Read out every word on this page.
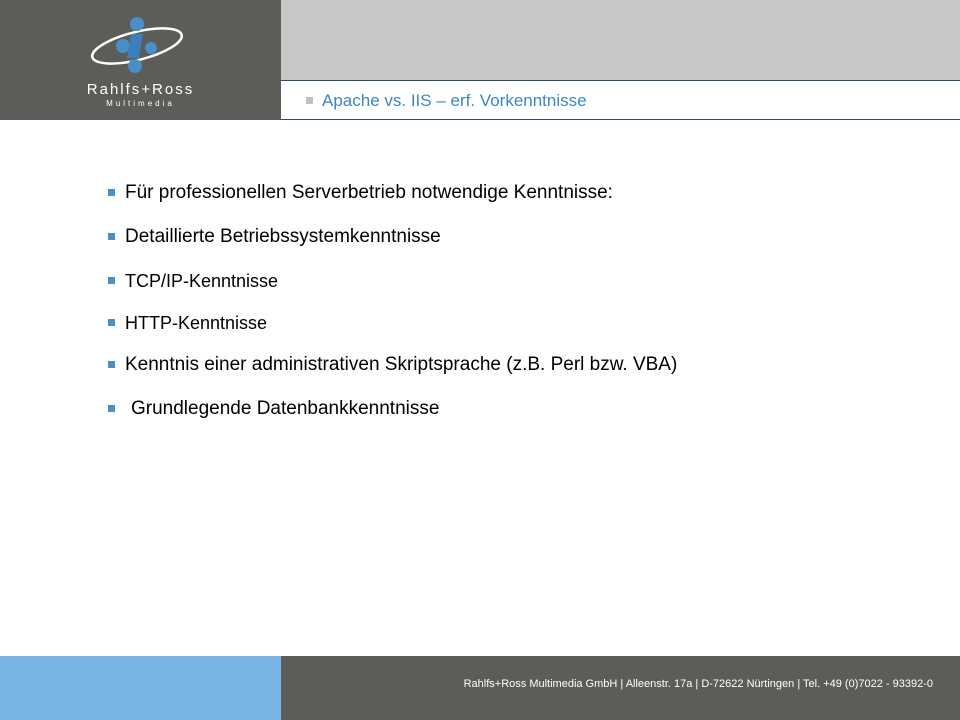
Rahlfs+Ross
Multimedia	Apache vs. IIS – erf. Vorkenntnisse
Für professionellen Serverbetrieb notwendige Kenntnisse:
Detaillierte Betriebssystemkenntnisse
TCP/IP-Kenntnisse
HTTP-Kenntnisse
Kenntnis einer administrativen Skriptsprache (z.B. Perl bzw. VBA)
Grundlegende Datenbankkenntnisse
Rahlfs+Ross Multimedia GmbH | Alleenstr. 17a | D-72622 Nürtingen | Tel. +49 (0)7022 - 93392-0
